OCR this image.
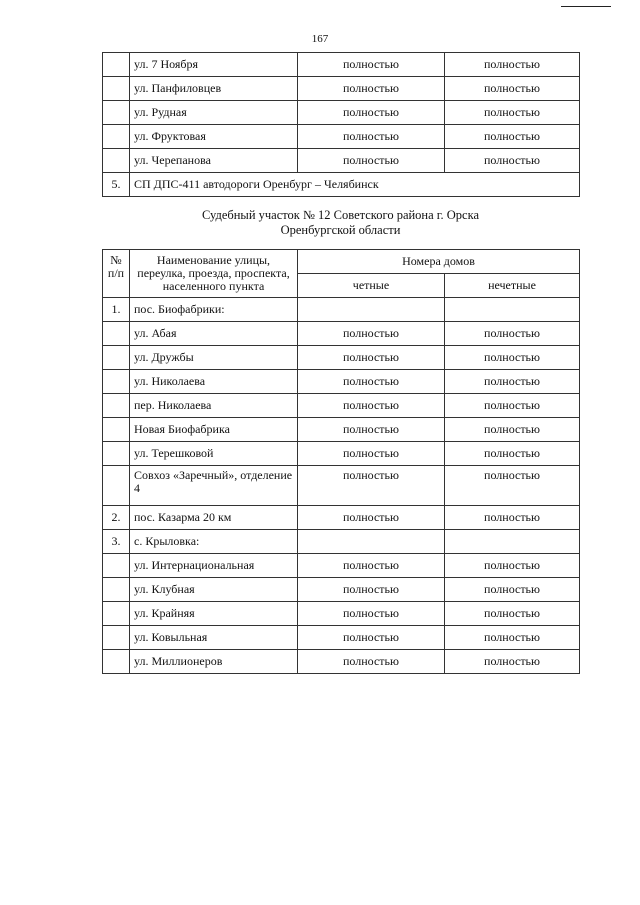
167
	ул. 7 Ноября	полностью	полностью
	ул. Панфиловцев	полностью	полностью
	ул. Рудная	полностью	полностью
	ул. Фруктовая	полностью	полностью
	ул. Черепанова	полностью	полностью
5.	СП ДПС-411 автодороги Оренбург – Челябинск		
Судебный участок № 12 Советского района г. Орска
Оренбургской области
№ п/п	Наименование улицы, переулка, проезда, проспекта, населенного пункта	Номера домов	
		четные	нечетные
1.	пос. Биофабрики:		
	ул. Абая	полностью	полностью
	ул. Дружбы	полностью	полностью
	ул. Николаева	полностью	полностью
	пер. Николаева	полностью	полностью
	Новая Биофабрика	полностью	полностью
	ул. Терешковой	полностью	полностью
	Совхоз «Заречный», отделение 4	полностью	полностью
2.	пос. Казарма 20 км	полностью	полностью
3.	с. Крыловка:		
	ул. Интернациональная	полностью	полностью
	ул. Клубная	полностью	полностью
	ул. Крайняя	полностью	полностью
	ул. Ковыльная	полностью	полностью
	ул. Миллионеров	полностью	полностью
